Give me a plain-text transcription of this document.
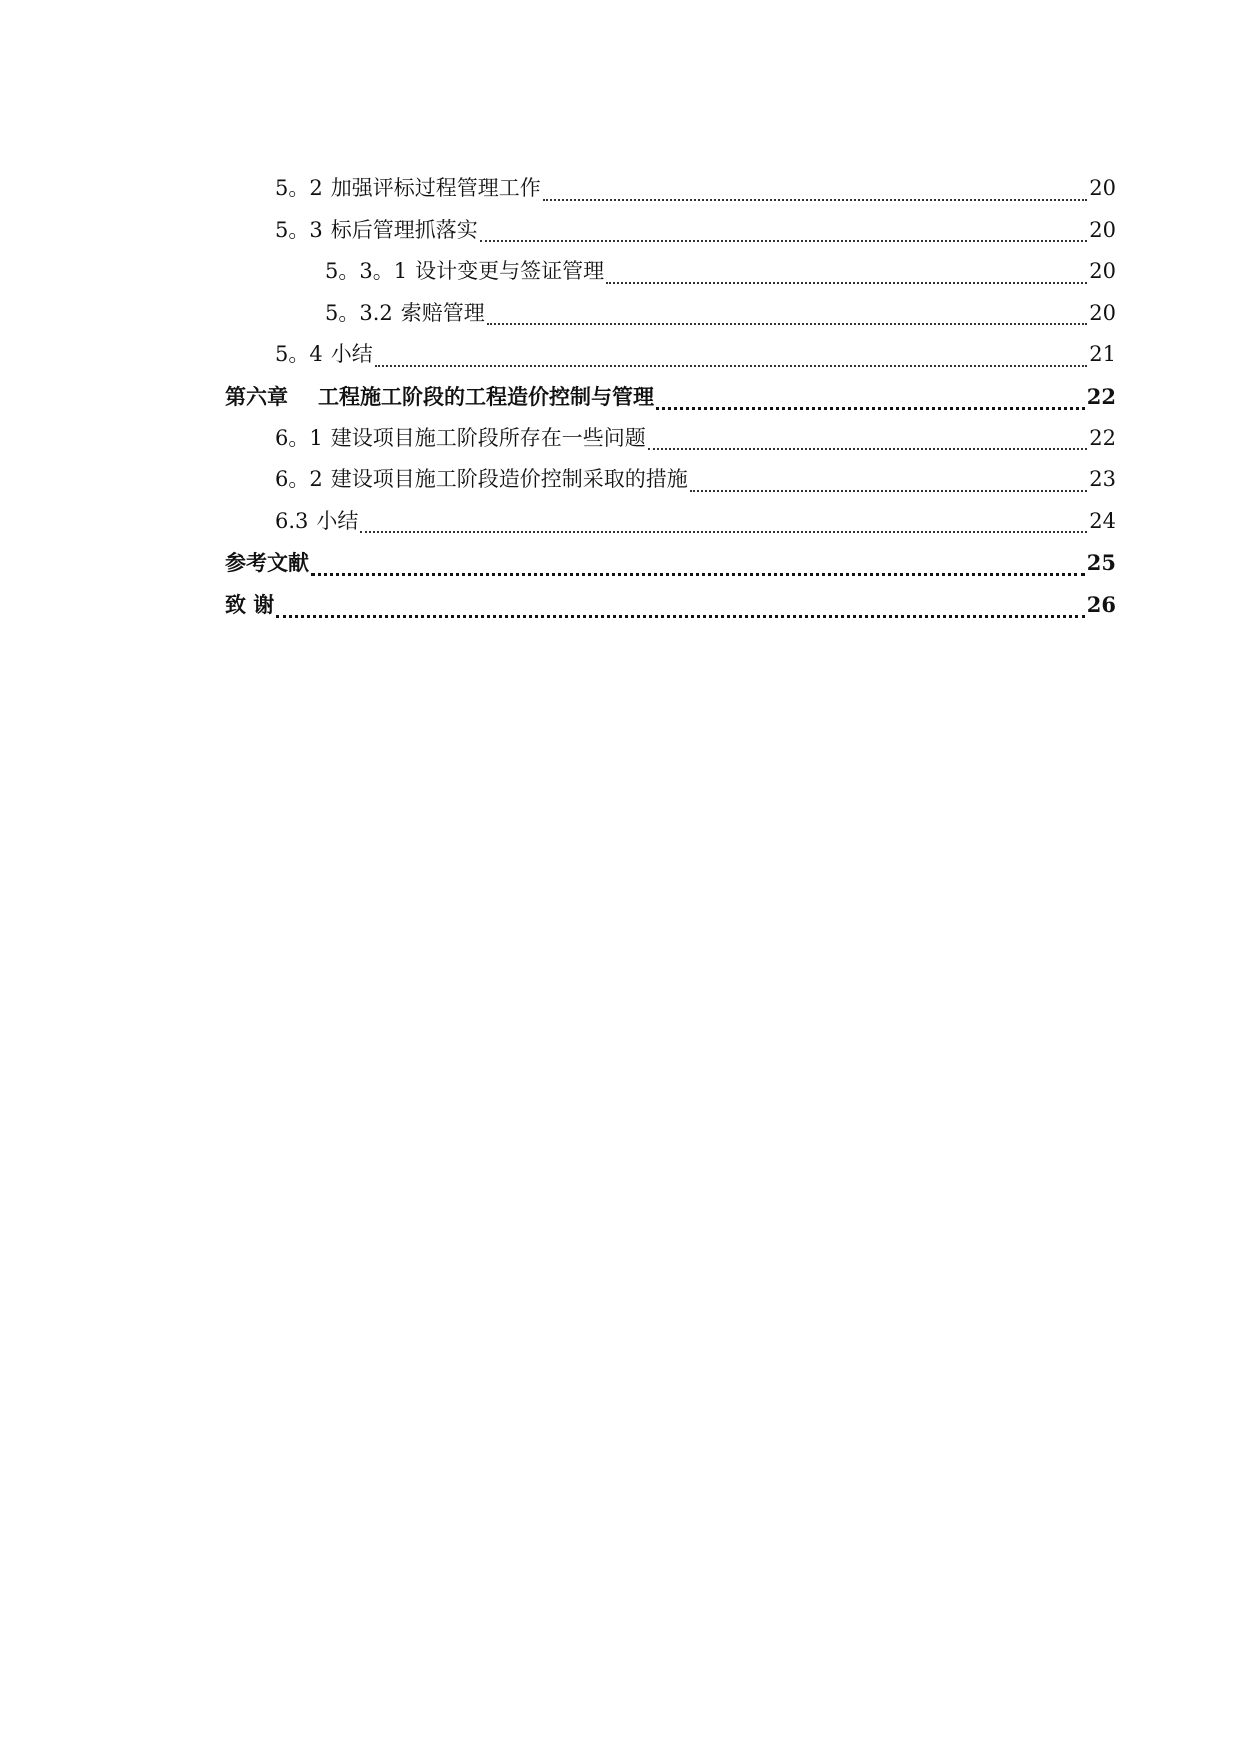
5。2 加强评标过程管理工作	20
5。3 标后管理抓落实	20
5。3。1 设计变更与签证管理	20
5。3.2 索赔管理	20
5。4 小结	21
第六章 工程施工阶段的工程造价控制与管理	22
6。1 建设项目施工阶段所存在一些问题	22
6。2 建设项目施工阶段造价控制采取的措施	23
6.3 小结	24
参考文献	25
致 谢	26
